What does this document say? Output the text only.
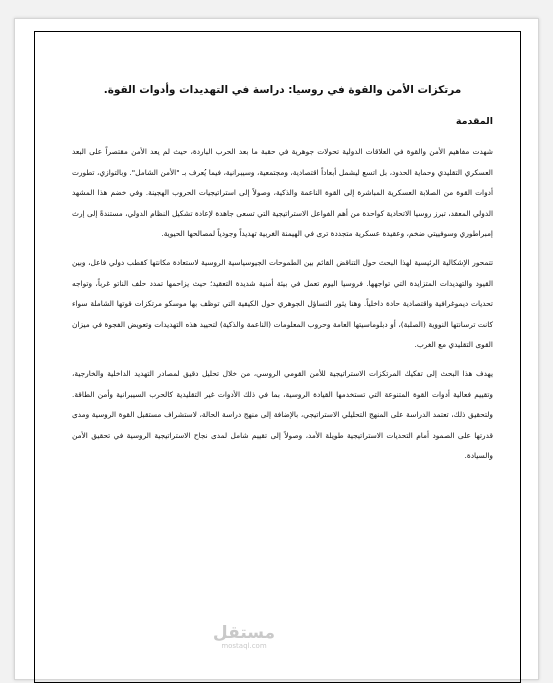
مرتكزات الأمن والقوة في روسيا: دراسة في التهديدات وأدوات القوة.
المقدمة

شهدت مفاهيم الأمن والقوة في العلاقات الدولية تحولات جوهرية في حقبة ما بعد الحرب الباردة، حيث لم يعد الأمن مقتصراً على البعد العسكري التقليدي وحماية الحدود، بل اتسع ليشمل أبعاداً اقتصادية، ومجتمعية، وسيبرانية، فيما يُعرف بـ "الأمن الشامل". وبالتوازي، تطورت أدوات القوة من الصلابة العسكرية المباشرة إلى القوة الناعمة والذكية، وصولاً إلى استراتيجيات الحروب الهجينة. وفي خضم هذا المشهد الدولي المعقد، تبرز روسيا الاتحادية كواحدة من أهم الفواعل الاستراتيجية التي تسعى جاهدة لإعادة تشكيل النظام الدولي، مستندةً إلى إرث إمبراطوري وسوفييتي ضخم، وعقيدة عسكرية متجددة ترى في الهيمنة الغربية تهديداً وجودياً لمصالحها الحيوية.

تتمحور الإشكالية الرئيسية لهذا البحث حول التناقض القائم بين الطموحات الجيوسياسية الروسية لاستعادة مكانتها كقطب دولي فاعل، وبين القيود والتهديدات المتزايدة التي تواجهها. فروسيا اليوم تعمل في بيئة أمنية شديدة التعقيد؛ حيث يزاحمها تمدد حلف الناتو غرباً، وتواجه تحديات ديموغرافية واقتصادية حادة داخلياً. وهنا يثور التساؤل الجوهري حول الكيفية التي توظف بها موسكو مرتكزات قوتها الشاملة سواء كانت ترسانتها النووية (الصلبة)، أو دبلوماسيتها العامة وحروب المعلومات (الناعمة والذكية) لتحييد هذه التهديدات وتعويض الفجوة في ميزان القوى التقليدي مع الغرب.

يهدف هذا البحث إلى تفكيك المرتكزات الاستراتيجية للأمن القومي الروسي، من خلال تحليل دقيق لمصادر التهديد الداخلية والخارجية، وتقييم فعالية أدوات القوة المتنوعة التي تستخدمها القيادة الروسية، بما في ذلك الأدوات غير التقليدية كالحرب السيبرانية وأمن الطاقة. ولتحقيق ذلك، تعتمد الدراسة على المنهج التحليلي الاستراتيجي، بالإضافة إلى منهج دراسة الحالة، لاستشراف مستقبل القوة الروسية ومدى قدرتها على الصمود أمام التحديات الاستراتيجية طويلة الأمد، وصولاً إلى تقييم شامل لمدى نجاح الاستراتيجية الروسية في تحقيق الأمن والسيادة.

مستقل
mostaql.com
